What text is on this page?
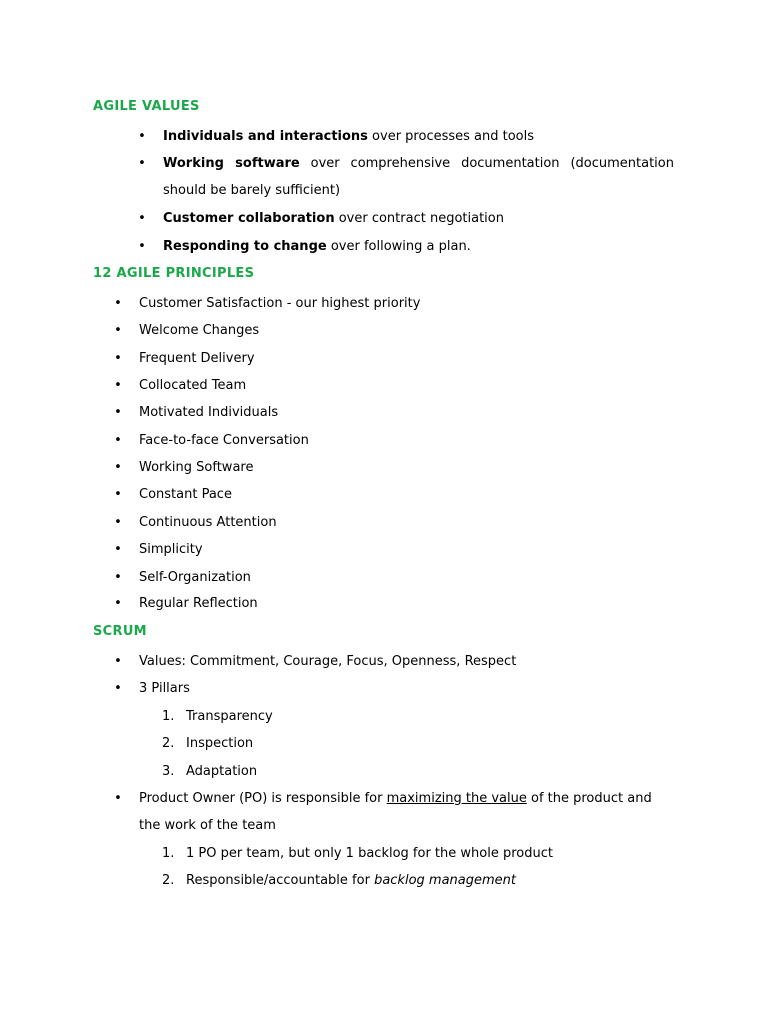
AGILE VALUES
• Individuals and interactions over processes and tools
• Working software over comprehensive documentation (documentation
should be barely sufficient)
• Customer collaboration over contract negotiation
• Responding to change over following a plan.
12 AGILE PRINCIPLES
• Customer Satisfaction - our highest priority
• Welcome Changes
• Frequent Delivery
• Collocated Team
• Motivated Individuals
• Face-to-face Conversation
• Working Software
• Constant Pace
• Continuous Attention
• Simplicity
• Self-Organization
• Regular Reflection
SCRUM
• Values: Commitment, Courage, Focus, Openness, Respect
• 3 Pillars
1. Transparency
2. Inspection
3. Adaptation
• Product Owner (PO) is responsible for maximizing the value of the product and
the work of the team
1. 1 PO per team, but only 1 backlog for the whole product
2. Responsible/accountable for backlog management
